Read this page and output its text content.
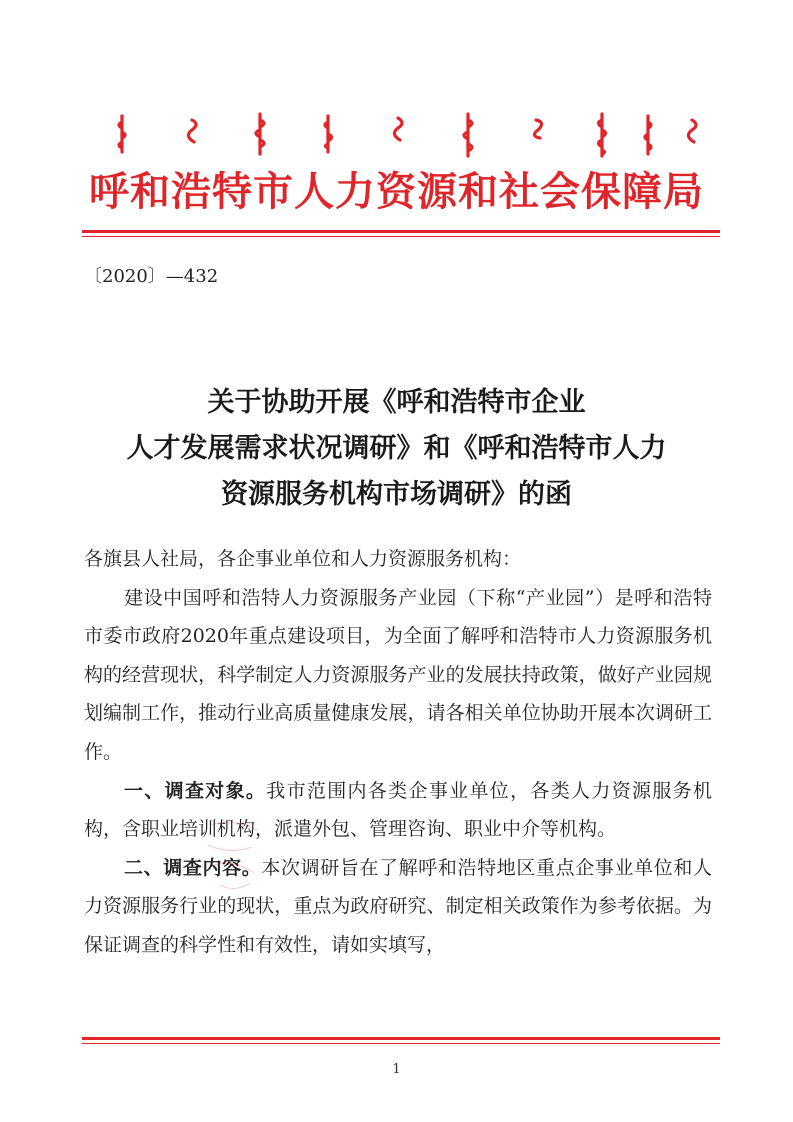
呼和浩特市人力资源和社会保障局
〔2020〕—432
关于协助开展《呼和浩特市企业
人才发展需求状况调研》和《呼和浩特市人力
资源服务机构市场调研》的函

各旗县人社局，各企事业单位和人力资源服务机构：

建设中国呼和浩特人力资源服务产业园（下称“产业园”）是呼和浩特市委市政府2020年重点建设项目，为全面了解呼和浩特市人力资源服务机构的经营现状，科学制定人力资源服务产业的发展扶持政策，做好产业园规划编制工作，推动行业高质量健康发展，请各相关单位协助开展本次调研工作。

一、调查对象。我市范围内各类企事业单位，各类人力资源服务机构，含职业培训机构，派遣外包、管理咨询、职业中介等机构。

二、调查内容。本次调研旨在了解呼和浩特地区重点企事业单位和人力资源服务行业的现状，重点为政府研究、制定相关政策作为参考依据。为保证调查的科学性和有效性，请如实填写，

1
